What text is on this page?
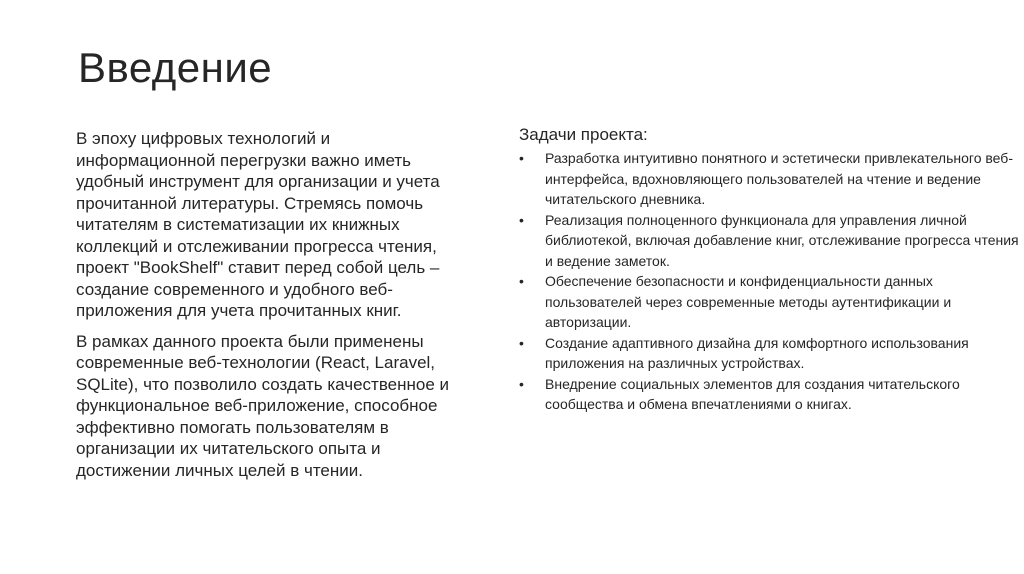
Введение

В эпоху цифровых технологий и информационной перегрузки важно иметь удобный инструмент для организации и учета прочитанной литературы. Стремясь помочь читателям в систематизации их книжных коллекций и отслеживании прогресса чтения, проект "BookShelf" ставит перед собой цель – создание современного и удобного веб-приложения для учета прочитанных книг.

В рамках данного проекта были применены современные веб-технологии (React, Laravel, SQLite), что позволило создать качественное и функциональное веб-приложение, способное эффективно помогать пользователям в организации их читательского опыта и достижении личных целей в чтении.

Задачи проекта:
•	Разработка интуитивно понятного и эстетически привлекательного веб-интерфейса, вдохновляющего пользователей на чтение и ведение читательского дневника.
•	Реализация полноценного функционала для управления личной библиотекой, включая добавление книг, отслеживание прогресса чтения и ведение заметок.
•	Обеспечение безопасности и конфиденциальности данных пользователей через современные методы аутентификации и авторизации.
•	Создание адаптивного дизайна для комфортного использования приложения на различных устройствах.
•	Внедрение социальных элементов для создания читательского сообщества и обмена впечатлениями о книгах.
